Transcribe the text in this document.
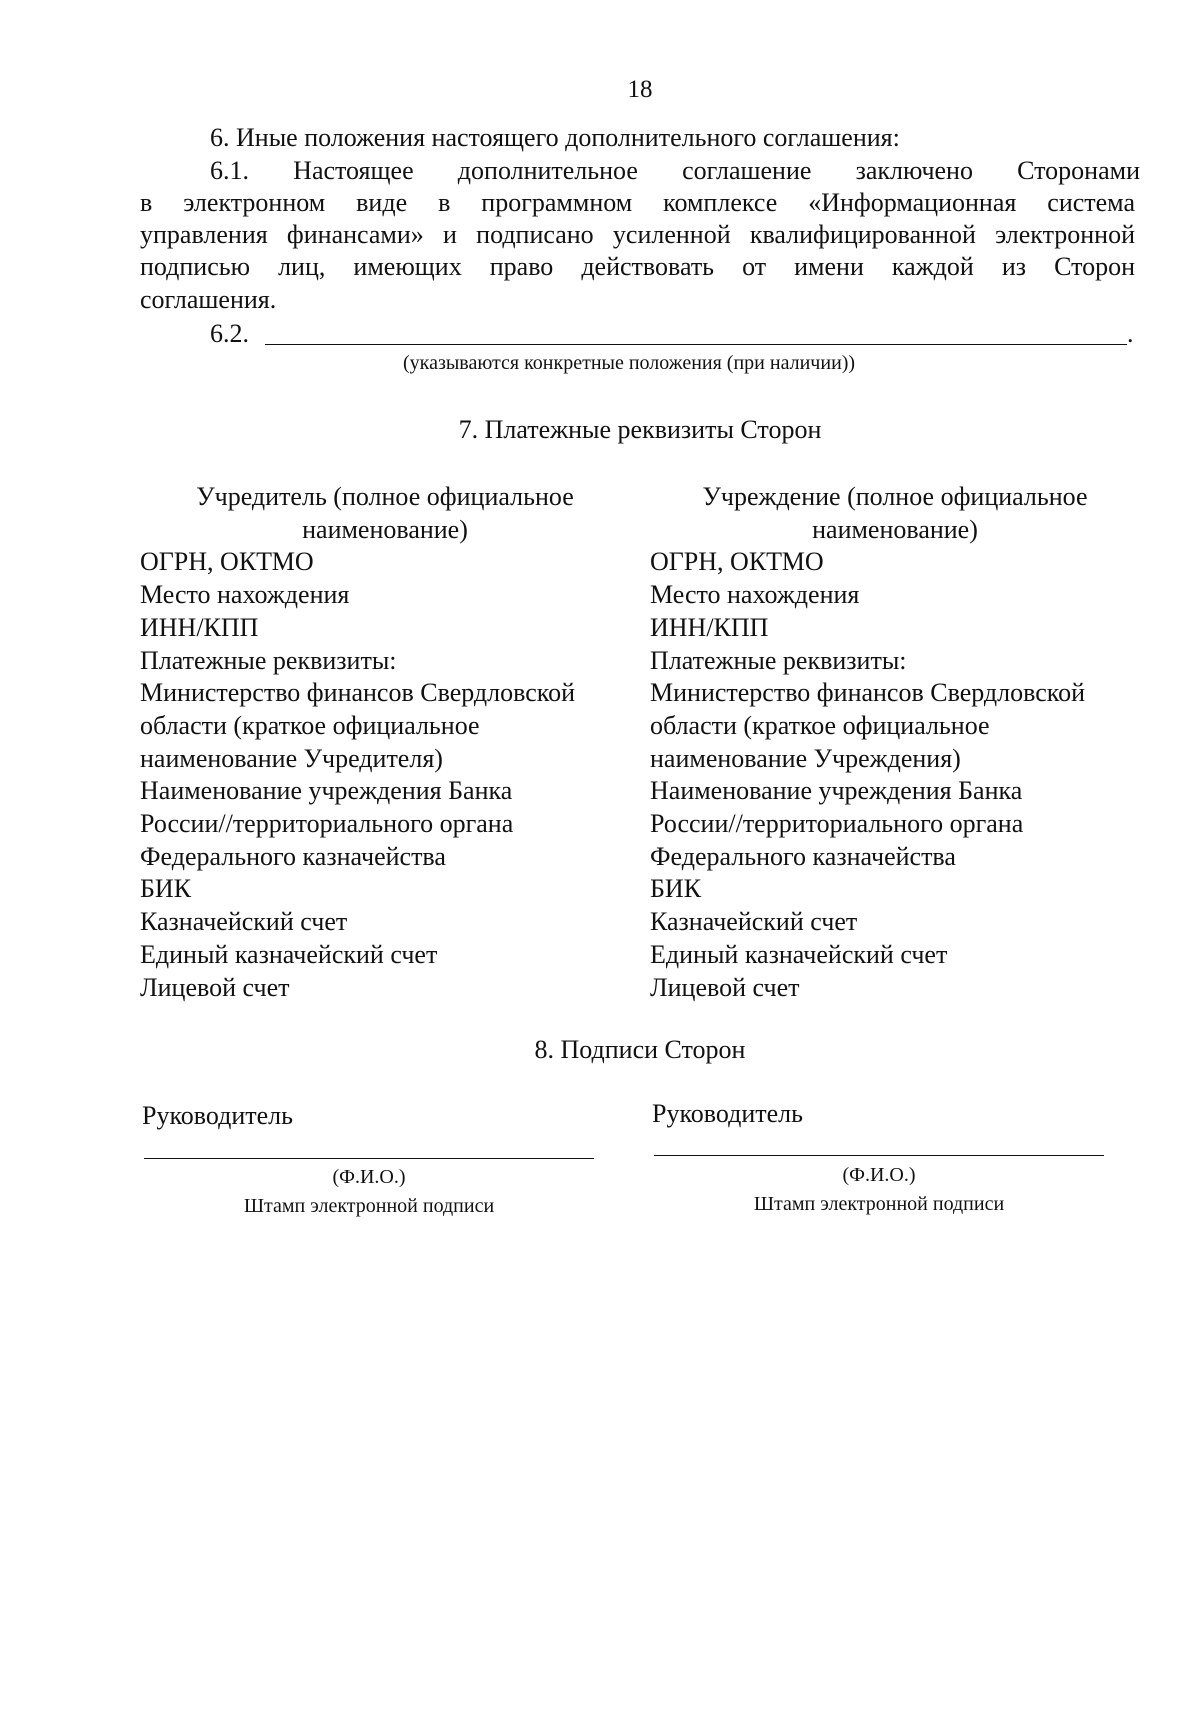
18
6. Иные положения настоящего дополнительного соглашения:
6.1. Настоящее дополнительное соглашение заключено Сторонами
в электронном виде в программном комплексе «Информационная система
управления финансами» и подписано усиленной квалифицированной электронной
подписью лиц, имеющих право действовать от имени каждой из Сторон
соглашения.
6.2.	.
(указываются конкретные положения (при наличии))
7. Платежные реквизиты Сторон
Учредитель (полное официальное
наименование)
ОГРН, ОКТМО
Место нахождения
ИНН/КПП
Платежные реквизиты:
Министерство финансов Свердловской
области (краткое официальное
наименование Учредителя)
Наименование учреждения Банка
России//территориального органа
Федерального казначейства
БИК
Казначейский счет
Единый казначейский счет
Лицевой счет
Учреждение (полное официальное
наименование)
ОГРН, ОКТМО
Место нахождения
ИНН/КПП
Платежные реквизиты:
Министерство финансов Свердловской
области (краткое официальное
наименование Учреждения)
Наименование учреждения Банка
России//территориального органа
Федерального казначейства
БИК
Казначейский счет
Единый казначейский счет
Лицевой счет
8. Подписи Сторон
Руководитель
(Ф.И.О.)
Штамп электронной подписи
Руководитель
(Ф.И.О.)
Штамп электронной подписи
